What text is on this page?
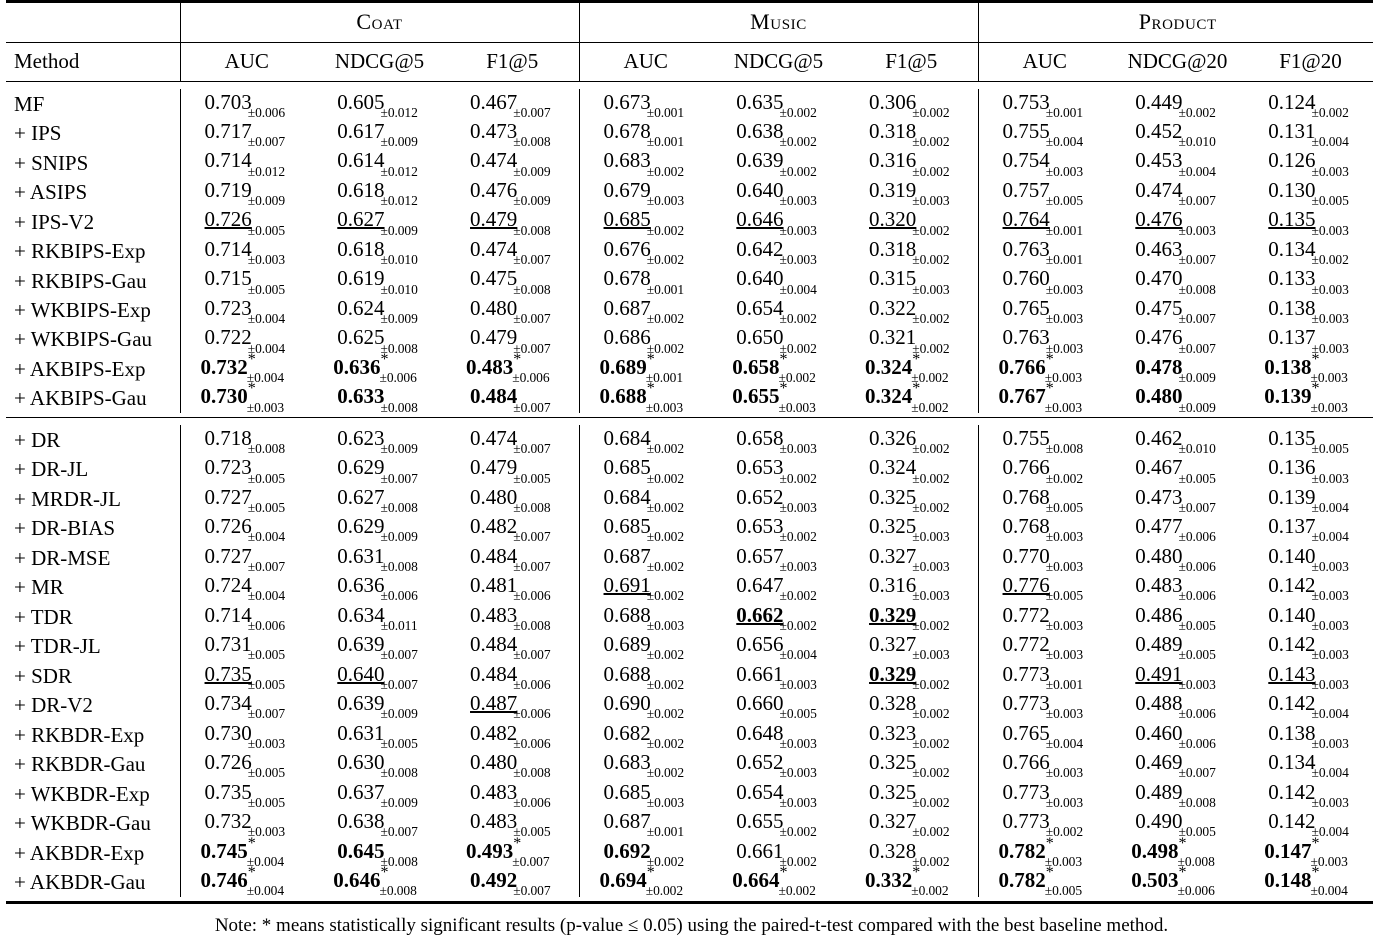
	Coat			Music			Product		

Method	AUC	NDCG@5	F1@5	AUC	NDCG@5	F1@5	AUC	NDCG@20	F1@20

MF	$0.703_{\pm 0.006}$	$0.605_{\pm 0.012}$	$0.467_{\pm 0.007}$	$0.673_{\pm 0.001}$	$0.635_{\pm 0.002}$	$0.306_{\pm 0.002}$	$0.753_{\pm 0.001}$	$0.449_{\pm 0.002}$	$0.124_{\pm 0.002}$
+ IPS	$0.717_{\pm 0.007}$	$0.617_{\pm 0.009}$	$0.473_{\pm 0.008}$	$0.678_{\pm 0.001}$	$0.638_{\pm 0.002}$	$0.318_{\pm 0.002}$	$0.755_{\pm 0.004}$	$0.452_{\pm 0.010}$	$0.131_{\pm 0.004}$
+ SNIPS	$0.714_{\pm 0.012}$	$0.614_{\pm 0.012}$	$0.474_{\pm 0.009}$	$0.683_{\pm 0.002}$	$0.639_{\pm 0.002}$	$0.316_{\pm 0.002}$	$0.754_{\pm 0.003}$	$0.453_{\pm 0.004}$	$0.126_{\pm 0.003}$
+ ASIPS	$0.719_{\pm 0.009}$	$0.618_{\pm 0.012}$	$0.476_{\pm 0.009}$	$0.679_{\pm 0.003}$	$0.640_{\pm 0.003}$	$0.319_{\pm 0.003}$	$0.757_{\pm 0.005}$	$0.474_{\pm 0.007}$	$0.130_{\pm 0.005}$
+ IPS-V2	$0.726_{\pm 0.005}$	$0.627_{\pm 0.009}$	$0.479_{\pm 0.008}$	$0.685_{\pm 0.002}$	$0.646_{\pm 0.003}$	$0.320_{\pm 0.002}$	$0.764_{\pm 0.001}$	$0.476_{\pm 0.003}$	$0.135_{\pm 0.003}$
+ RKBIPS-Exp	$0.714_{\pm 0.003}$	$0.618_{\pm 0.010}$	$0.474_{\pm 0.007}$	$0.676_{\pm 0.002}$	$0.642_{\pm 0.003}$	$0.318_{\pm 0.002}$	$0.763_{\pm 0.001}$	$0.463_{\pm 0.007}$	$0.134_{\pm 0.002}$
+ RKBIPS-Gau	$0.715_{\pm 0.005}$	$0.619_{\pm 0.010}$	$0.475_{\pm 0.008}$	$0.678_{\pm 0.001}$	$0.640_{\pm 0.004}$	$0.315_{\pm 0.003}$	$0.760_{\pm 0.003}$	$0.470_{\pm 0.008}$	$0.133_{\pm 0.003}$
+ WKBIPS-Exp	$0.723_{\pm 0.004}$	$0.624_{\pm 0.009}$	$0.480_{\pm 0.007}$	$0.687_{\pm 0.002}$	$0.654_{\pm 0.002}$	$0.322_{\pm 0.002}$	$0.765_{\pm 0.003}$	$0.475_{\pm 0.007}$	$0.138_{\pm 0.003}$
+ WKBIPS-Gau	$0.722_{\pm 0.004}$	$0.625_{\pm 0.008}$	$0.479_{\pm 0.007}$	$0.686_{\pm 0.002}$	$0.650_{\pm 0.002}$	$0.321_{\pm 0.002}$	$0.763_{\pm 0.003}$	$0.476_{\pm 0.007}$	$0.137_{\pm 0.003}$
+ AKBIPS-Exp	$0.732^*_{\pm 0.004}$	$0.636^*_{\pm 0.006}$	$0.483^*_{\pm 0.006}$	$0.689^*_{\pm 0.001}$	$0.658^*_{\pm 0.002}$	$0.324^*_{\pm 0.002}$	$0.766^*_{\pm 0.003}$	$0.478_{\pm 0.009}$	$0.138^*_{\pm 0.003}$
+ AKBIPS-Gau	$0.730^*_{\pm 0.003}$	$0.633_{\pm 0.008}$	$0.484_{\pm 0.007}$	$0.688^*_{\pm 0.003}$	$0.655^*_{\pm 0.003}$	$0.324^*_{\pm 0.002}$	$0.767^*_{\pm 0.003}$	$0.480_{\pm 0.009}$	$0.139^*_{\pm 0.003}$

+ DR	$0.718_{\pm 0.008}$	$0.623_{\pm 0.009}$	$0.474_{\pm 0.007}$	$0.684_{\pm 0.002}$	$0.658_{\pm 0.003}$	$0.326_{\pm 0.002}$	$0.755_{\pm 0.008}$	$0.462_{\pm 0.010}$	$0.135_{\pm 0.005}$
+ DR-JL	$0.723_{\pm 0.005}$	$0.629_{\pm 0.007}$	$0.479_{\pm 0.005}$	$0.685_{\pm 0.002}$	$0.653_{\pm 0.002}$	$0.324_{\pm 0.002}$	$0.766_{\pm 0.002}$	$0.467_{\pm 0.005}$	$0.136_{\pm 0.003}$
+ MRDR-JL	$0.727_{\pm 0.005}$	$0.627_{\pm 0.008}$	$0.480_{\pm 0.008}$	$0.684_{\pm 0.002}$	$0.652_{\pm 0.003}$	$0.325_{\pm 0.002}$	$0.768_{\pm 0.005}$	$0.473_{\pm 0.007}$	$0.139_{\pm 0.004}$
+ DR-BIAS	$0.726_{\pm 0.004}$	$0.629_{\pm 0.009}$	$0.482_{\pm 0.007}$	$0.685_{\pm 0.002}$	$0.653_{\pm 0.002}$	$0.325_{\pm 0.003}$	$0.768_{\pm 0.003}$	$0.477_{\pm 0.006}$	$0.137_{\pm 0.004}$
+ DR-MSE	$0.727_{\pm 0.007}$	$0.631_{\pm 0.008}$	$0.484_{\pm 0.007}$	$0.687_{\pm 0.002}$	$0.657_{\pm 0.003}$	$0.327_{\pm 0.003}$	$0.770_{\pm 0.003}$	$0.480_{\pm 0.006}$	$0.140_{\pm 0.003}$
+ MR	$0.724_{\pm 0.004}$	$0.636_{\pm 0.006}$	$0.481_{\pm 0.006}$	$0.691_{\pm 0.002}$	$0.647_{\pm 0.002}$	$0.316_{\pm 0.003}$	$0.776_{\pm 0.005}$	$0.483_{\pm 0.006}$	$0.142_{\pm 0.003}$
+ TDR	$0.714_{\pm 0.006}$	$0.634_{\pm 0.011}$	$0.483_{\pm 0.008}$	$0.688_{\pm 0.003}$	$0.662_{\pm 0.002}$	$0.329_{\pm 0.002}$	$0.772_{\pm 0.003}$	$0.486_{\pm 0.005}$	$0.140_{\pm 0.003}$
+ TDR-JL	$0.731_{\pm 0.005}$	$0.639_{\pm 0.007}$	$0.484_{\pm 0.007}$	$0.689_{\pm 0.002}$	$0.656_{\pm 0.004}$	$0.327_{\pm 0.003}$	$0.772_{\pm 0.003}$	$0.489_{\pm 0.005}$	$0.142_{\pm 0.003}$
+ SDR	$0.735_{\pm 0.005}$	$0.640_{\pm 0.007}$	$0.484_{\pm 0.006}$	$0.688_{\pm 0.002}$	$0.661_{\pm 0.003}$	$0.329_{\pm 0.002}$	$0.773_{\pm 0.001}$	$0.491_{\pm 0.003}$	$0.143_{\pm 0.003}$
+ DR-V2	$0.734_{\pm 0.007}$	$0.639_{\pm 0.009}$	$0.487_{\pm 0.006}$	$0.690_{\pm 0.002}$	$0.660_{\pm 0.005}$	$0.328_{\pm 0.002}$	$0.773_{\pm 0.003}$	$0.488_{\pm 0.006}$	$0.142_{\pm 0.004}$
+ RKBDR-Exp	$0.730_{\pm 0.003}$	$0.631_{\pm 0.005}$	$0.482_{\pm 0.006}$	$0.682_{\pm 0.002}$	$0.648_{\pm 0.003}$	$0.323_{\pm 0.002}$	$0.765_{\pm 0.004}$	$0.460_{\pm 0.006}$	$0.138_{\pm 0.003}$
+ RKBDR-Gau	$0.726_{\pm 0.005}$	$0.630_{\pm 0.008}$	$0.480_{\pm 0.008}$	$0.683_{\pm 0.002}$	$0.652_{\pm 0.003}$	$0.325_{\pm 0.002}$	$0.766_{\pm 0.003}$	$0.469_{\pm 0.007}$	$0.134_{\pm 0.004}$
+ WKBDR-Exp	$0.735_{\pm 0.005}$	$0.637_{\pm 0.009}$	$0.483_{\pm 0.006}$	$0.685_{\pm 0.003}$	$0.654_{\pm 0.003}$	$0.325_{\pm 0.002}$	$0.773_{\pm 0.003}$	$0.489_{\pm 0.008}$	$0.142_{\pm 0.003}$
+ WKBDR-Gau	$0.732_{\pm 0.003}$	$0.638_{\pm 0.007}$	$0.483_{\pm 0.005}$	$0.687_{\pm 0.001}$	$0.655_{\pm 0.002}$	$0.327_{\pm 0.002}$	$0.773_{\pm 0.002}$	$0.490_{\pm 0.005}$	$0.142_{\pm 0.004}$
+ AKBDR-Exp	$0.745^*_{\pm 0.004}$	$0.645_{\pm 0.008}$	$0.493^*_{\pm 0.007}$	$0.692_{\pm 0.002}$	$0.661_{\pm 0.002}$	$0.328_{\pm 0.002}$	$0.782^*_{\pm 0.003}$	$0.498^*_{\pm 0.008}$	$0.147^*_{\pm 0.003}$
+ AKBDR-Gau	$0.746^*_{\pm 0.004}$	$0.646^*_{\pm 0.008}$	$0.492_{\pm 0.007}$	$0.694^*_{\pm 0.002}$	$0.664^*_{\pm 0.002}$	$0.332^*_{\pm 0.002}$	$0.782^*_{\pm 0.005}$	$0.503^*_{\pm 0.006}$	$0.148^*_{\pm 0.004}$

Note: * means statistically significant results (p-value ≤ 0.05) using the paired-t-test compared with the best baseline method.									
